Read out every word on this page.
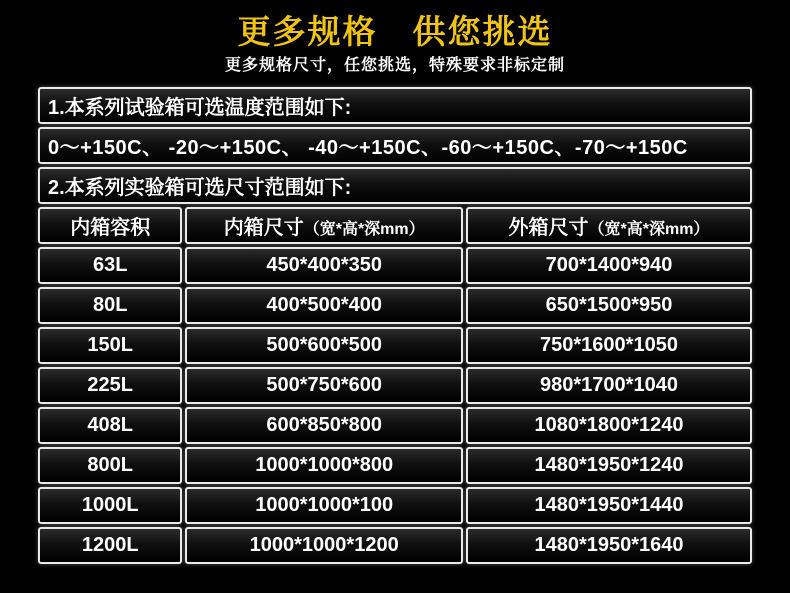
更多规格　供您挑选

更多规格尺寸，任您挑选，特殊要求非标定制

1.本系列试验箱可选温度范围如下:		
0〜+150C、 -20〜+150C、 -40〜+150C、-60〜+150C、-70〜+150C		
2.本系列实验箱可选尺寸范围如下:		
内箱容积	内箱尺寸（宽*高*深mm）	外箱尺寸（宽*高*深mm）
63L	450*400*350	700*1400*940
80L	400*500*400	650*1500*950
150L	500*600*500	750*1600*1050
225L	500*750*600	980*1700*1040
408L	600*850*800	1080*1800*1240
800L	1000*1000*800	1480*1950*1240
1000L	1000*1000*100	1480*1950*1440
1200L	1000*1000*1200	1480*1950*1640
